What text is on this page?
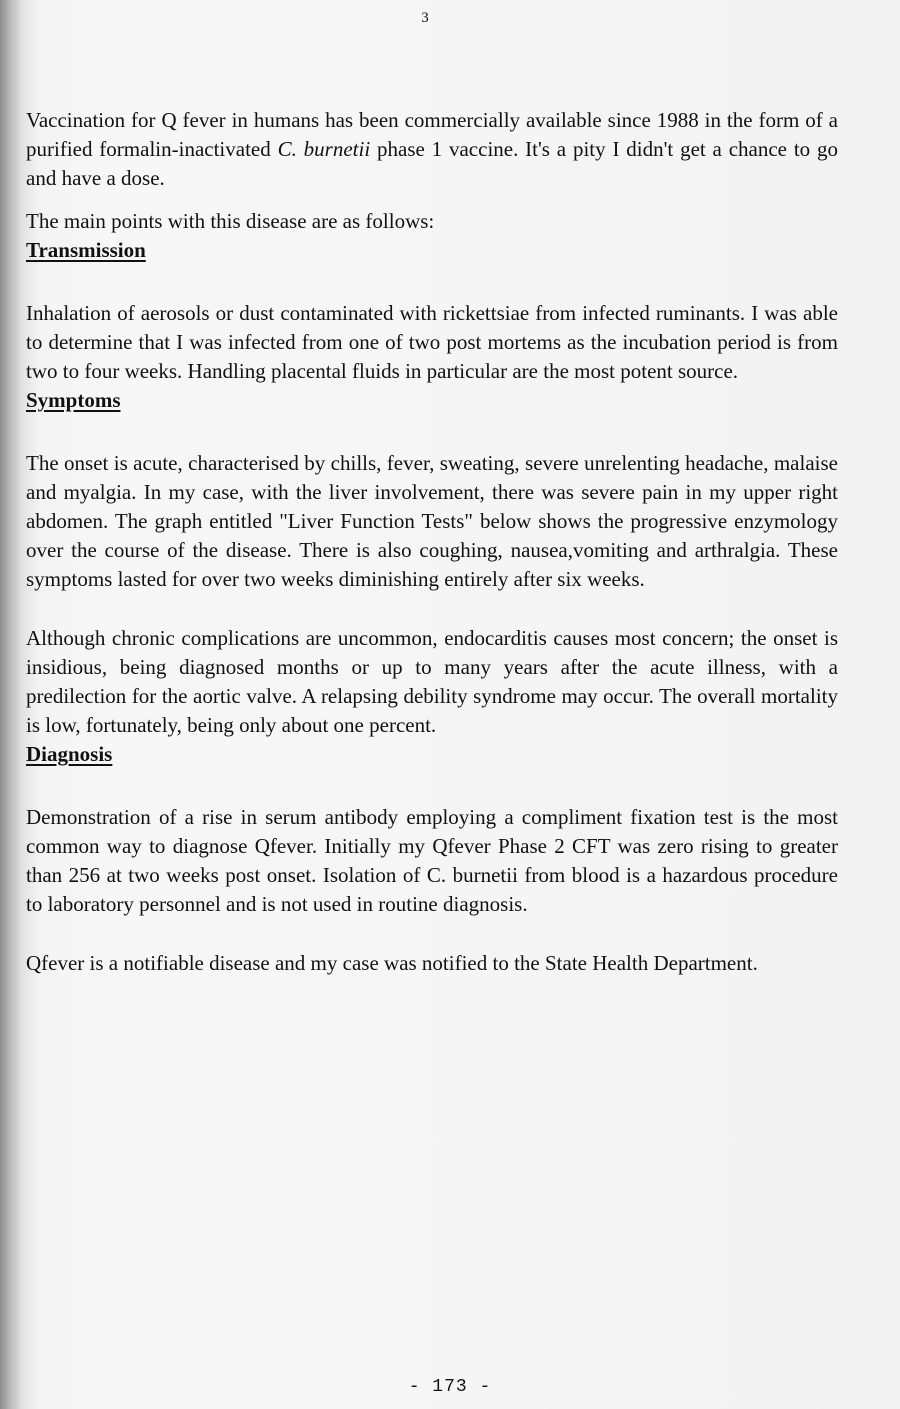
3

Vaccination for Q fever in humans has been commercially available since 1988 in the form of a purified formalin-inactivated C. burnetii phase 1 vaccine. It's a pity I didn't get a chance to go and have a dose.

The main points with this disease are as follows:

Transmission

Inhalation of aerosols or dust contaminated with rickettsiae from infected ruminants. I was able to determine that I was infected from one of two post mortems as the incubation period is from two to four weeks. Handling placental fluids in particular are the most potent source.

Symptoms

The onset is acute, characterised by chills, fever, sweating, severe unrelenting headache, malaise and myalgia. In my case, with the liver involvement, there was severe pain in my upper right abdomen. The graph entitled "Liver Function Tests" below shows the progressive enzymology over the course of the disease. There is also coughing, nausea,vomiting and arthralgia. These symptoms lasted for over two weeks diminishing entirely after six weeks.

Although chronic complications are uncommon, endocarditis causes most concern; the onset is insidious, being diagnosed months or up to many years after the acute illness, with a predilection for the aortic valve. A relapsing debility syndrome may occur. The overall mortality is low, fortunately, being only about one percent.

Diagnosis

Demonstration of a rise in serum antibody employing a compliment fixation test is the most common way to diagnose Qfever. Initially my Qfever Phase 2 CFT was zero rising to greater than 256 at two weeks post onset. Isolation of C. burnetii from blood is a hazardous procedure to laboratory personnel and is not used in routine diagnosis.

Qfever is a notifiable disease and my case was notified to the State Health Department.

- 173 -
